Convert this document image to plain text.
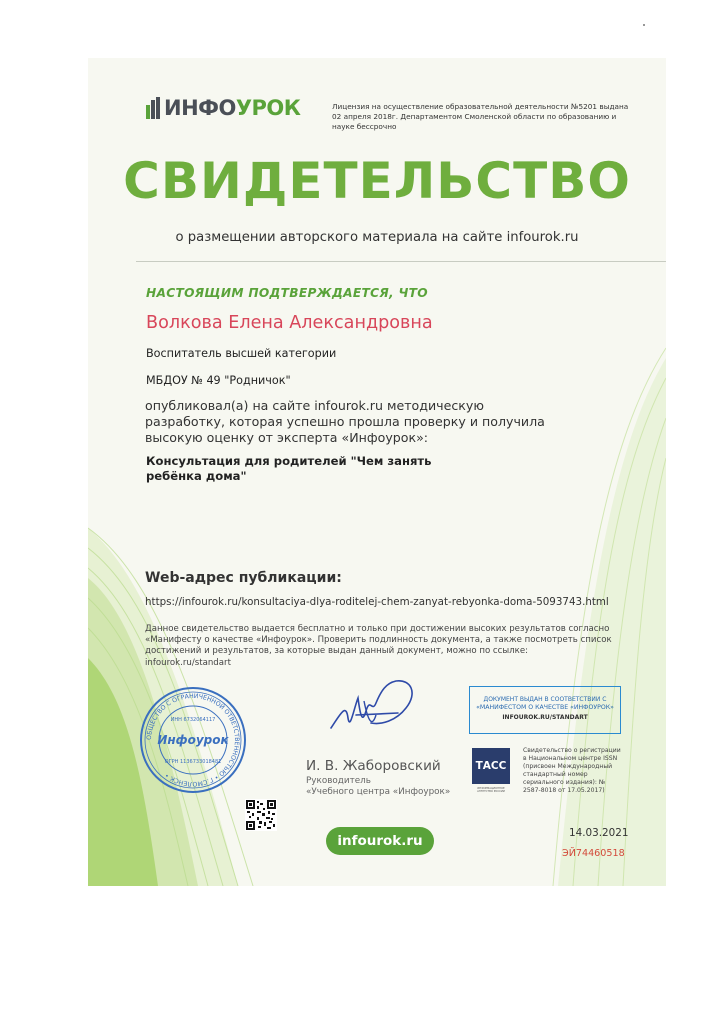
ИНФОУРОК	Лицензия на осуществление образовательной деятельности №5201 выдана 02 апреля 2018г. Департаментом Смоленской области по образованию и науке бессрочно
СВИДЕТЕЛЬСТВО
о размещении авторского материала на сайте infourok.ru
НАСТОЯЩИМ ПОДТВЕРЖДАЕТСЯ, ЧТО
Волкова Елена Александровна
Воспитатель высшей категории
МБДОУ № 49 "Родничок"
опубликовал(а) на сайте infourok.ru методическую разработку, которая успешно прошла проверку и получила высокую оценку от эксперта «Инфоурок»:
Консультация для родителей "Чем занять ребёнка дома"
Web-адрес публикации:
https://infourok.ru/konsultaciya-dlya-roditelej-chem-zanyat-rebyonka-doma-5093743.html
Данное свидетельство выдается бесплатно и только при достижении высоких результатов согласно «Манифесту о качестве «Инфоурок». Проверить подлинность документа, а также посмотреть список достижений и результатов, за которые выдан данный документ, можно по ссылке: infourok.ru/standart
ОБЩЕСТВО С ОГРАНИЧЕННОЙ ОТВЕТСТВЕННОСТЬЮ • Г.СМОЛЕНСК •
ИНН 6732064117
Инфоурок
ОГРН 1136733018481	И. В. Жаборовский
Руководитель
«Учебного центра «Инфоурок»
ДОКУМЕНТ ВЫДАН В СООТВЕТСТВИИ С
«МАНИФЕСТОМ О КАЧЕСТВЕ «ИНФОУРОК»
INFOUROK.RU/STANDART
ТАСС
ИНФОРМАЦИОННОЕ АГЕНТСТВО РОССИИ
Свидетельство о регистрации в Национальном центре ISSN (присвоен Международный стандартный номер сериального издания): № 2587-8018 от 17.05.2017)
infourok.ru	14.03.2021
ЭЙ74460518
